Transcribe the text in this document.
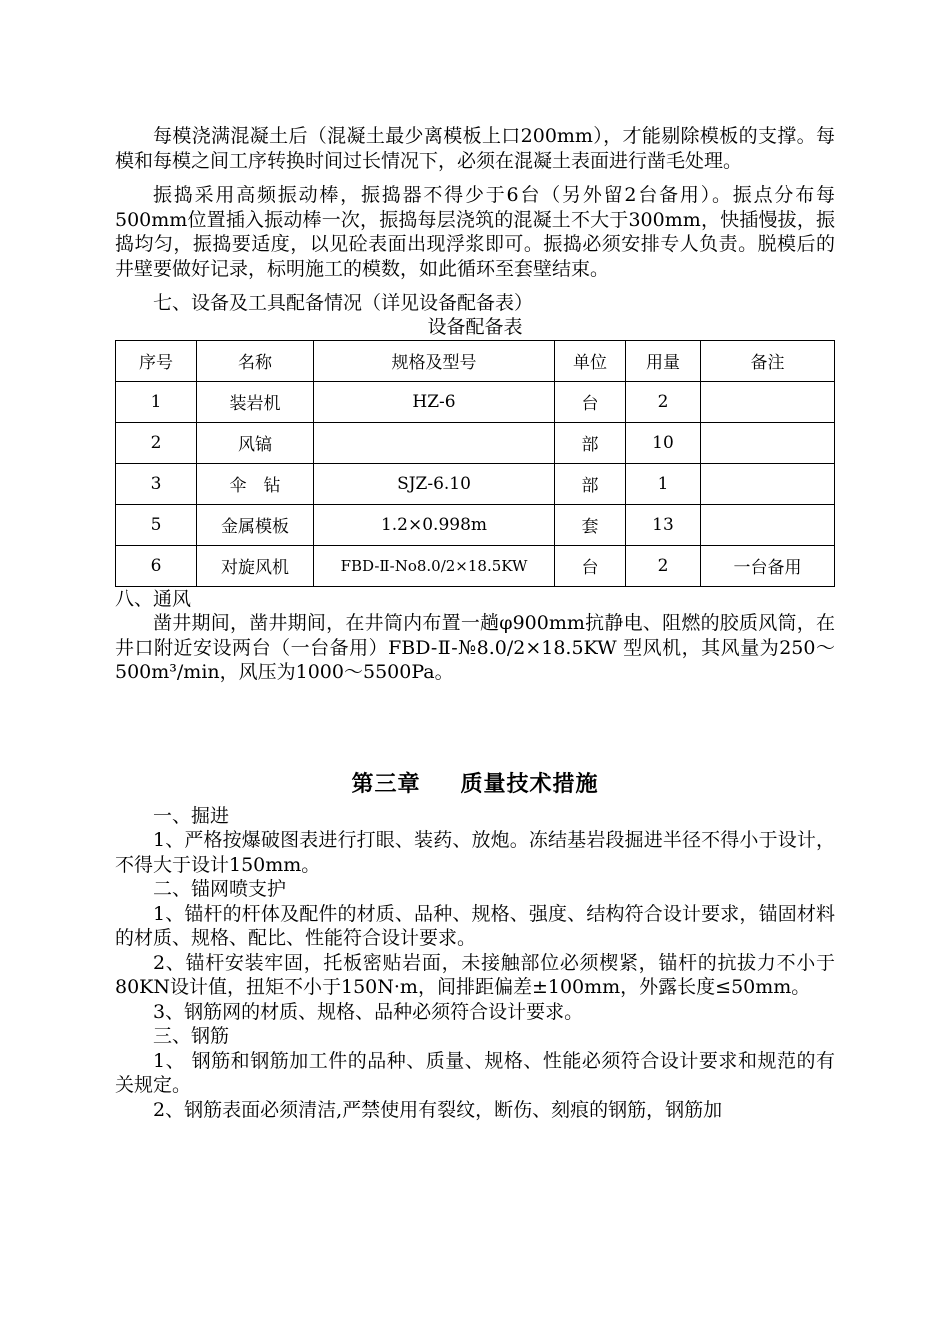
每模浇满混凝土后（混凝土最少离模板上口200mm），才能剔除模板的支撑。每模和每模之间工序转换时间过长情况下，必须在混凝土表面进行凿毛处理。

振捣采用高频振动棒，振捣器不得少于6台（另外留2台备用）。振点分布每500mm位置插入振动棒一次，振捣每层浇筑的混凝土不大于300mm，快插慢拔，振捣均匀，振捣要适度，以见砼表面出现浮浆即可。振捣必须安排专人负责。脱模后的井壁要做好记录，标明施工的模数，如此循环至套壁结束。

七、设备及工具配备情况（详见设备配备表）

设备配备表

序号	名称	规格及型号	单位	用量	备注
1	装岩机	HZ-6	台	2	
2	风镐		部	10	
3	伞　钻	SJZ-6.10	部	1	
5	金属模板	1.2×0.998m	套	13	
6	对旋风机	FBD-Ⅱ-No8.0/2×18.5KW	台	2	一台备用

八、通风

凿井期间，凿井期间，在井筒内布置一趟φ900mm抗静电、阻燃的胶质风筒，在井口附近安设两台（一台备用）FBD-Ⅱ-№8.0/2×18.5KW 型风机，其风量为250～500m³/min，风压为1000～5500Pa。

第三章 质量技术措施

一、掘进

1、严格按爆破图表进行打眼、装药、放炮。冻结基岩段掘进半径不得小于设计，不得大于设计150mm。

二、锚网喷支护

1、锚杆的杆体及配件的材质、品种、规格、强度、结构符合设计要求，锚固材料的材质、规格、配比、性能符合设计要求。

2、锚杆安装牢固，托板密贴岩面，未接触部位必须楔紧，锚杆的抗拔力不小于80KN设计值，扭矩不小于150N·m，间排距偏差±100mm，外露长度≤50mm。

3、钢筋网的材质、规格、品种必须符合设计要求。

三、钢筋

1、 钢筋和钢筋加工件的品种、质量、规格、性能必须符合设计要求和规范的有关规定。

2、钢筋表面必须清洁,严禁使用有裂纹，断伤、刻痕的钢筋，钢筋加
